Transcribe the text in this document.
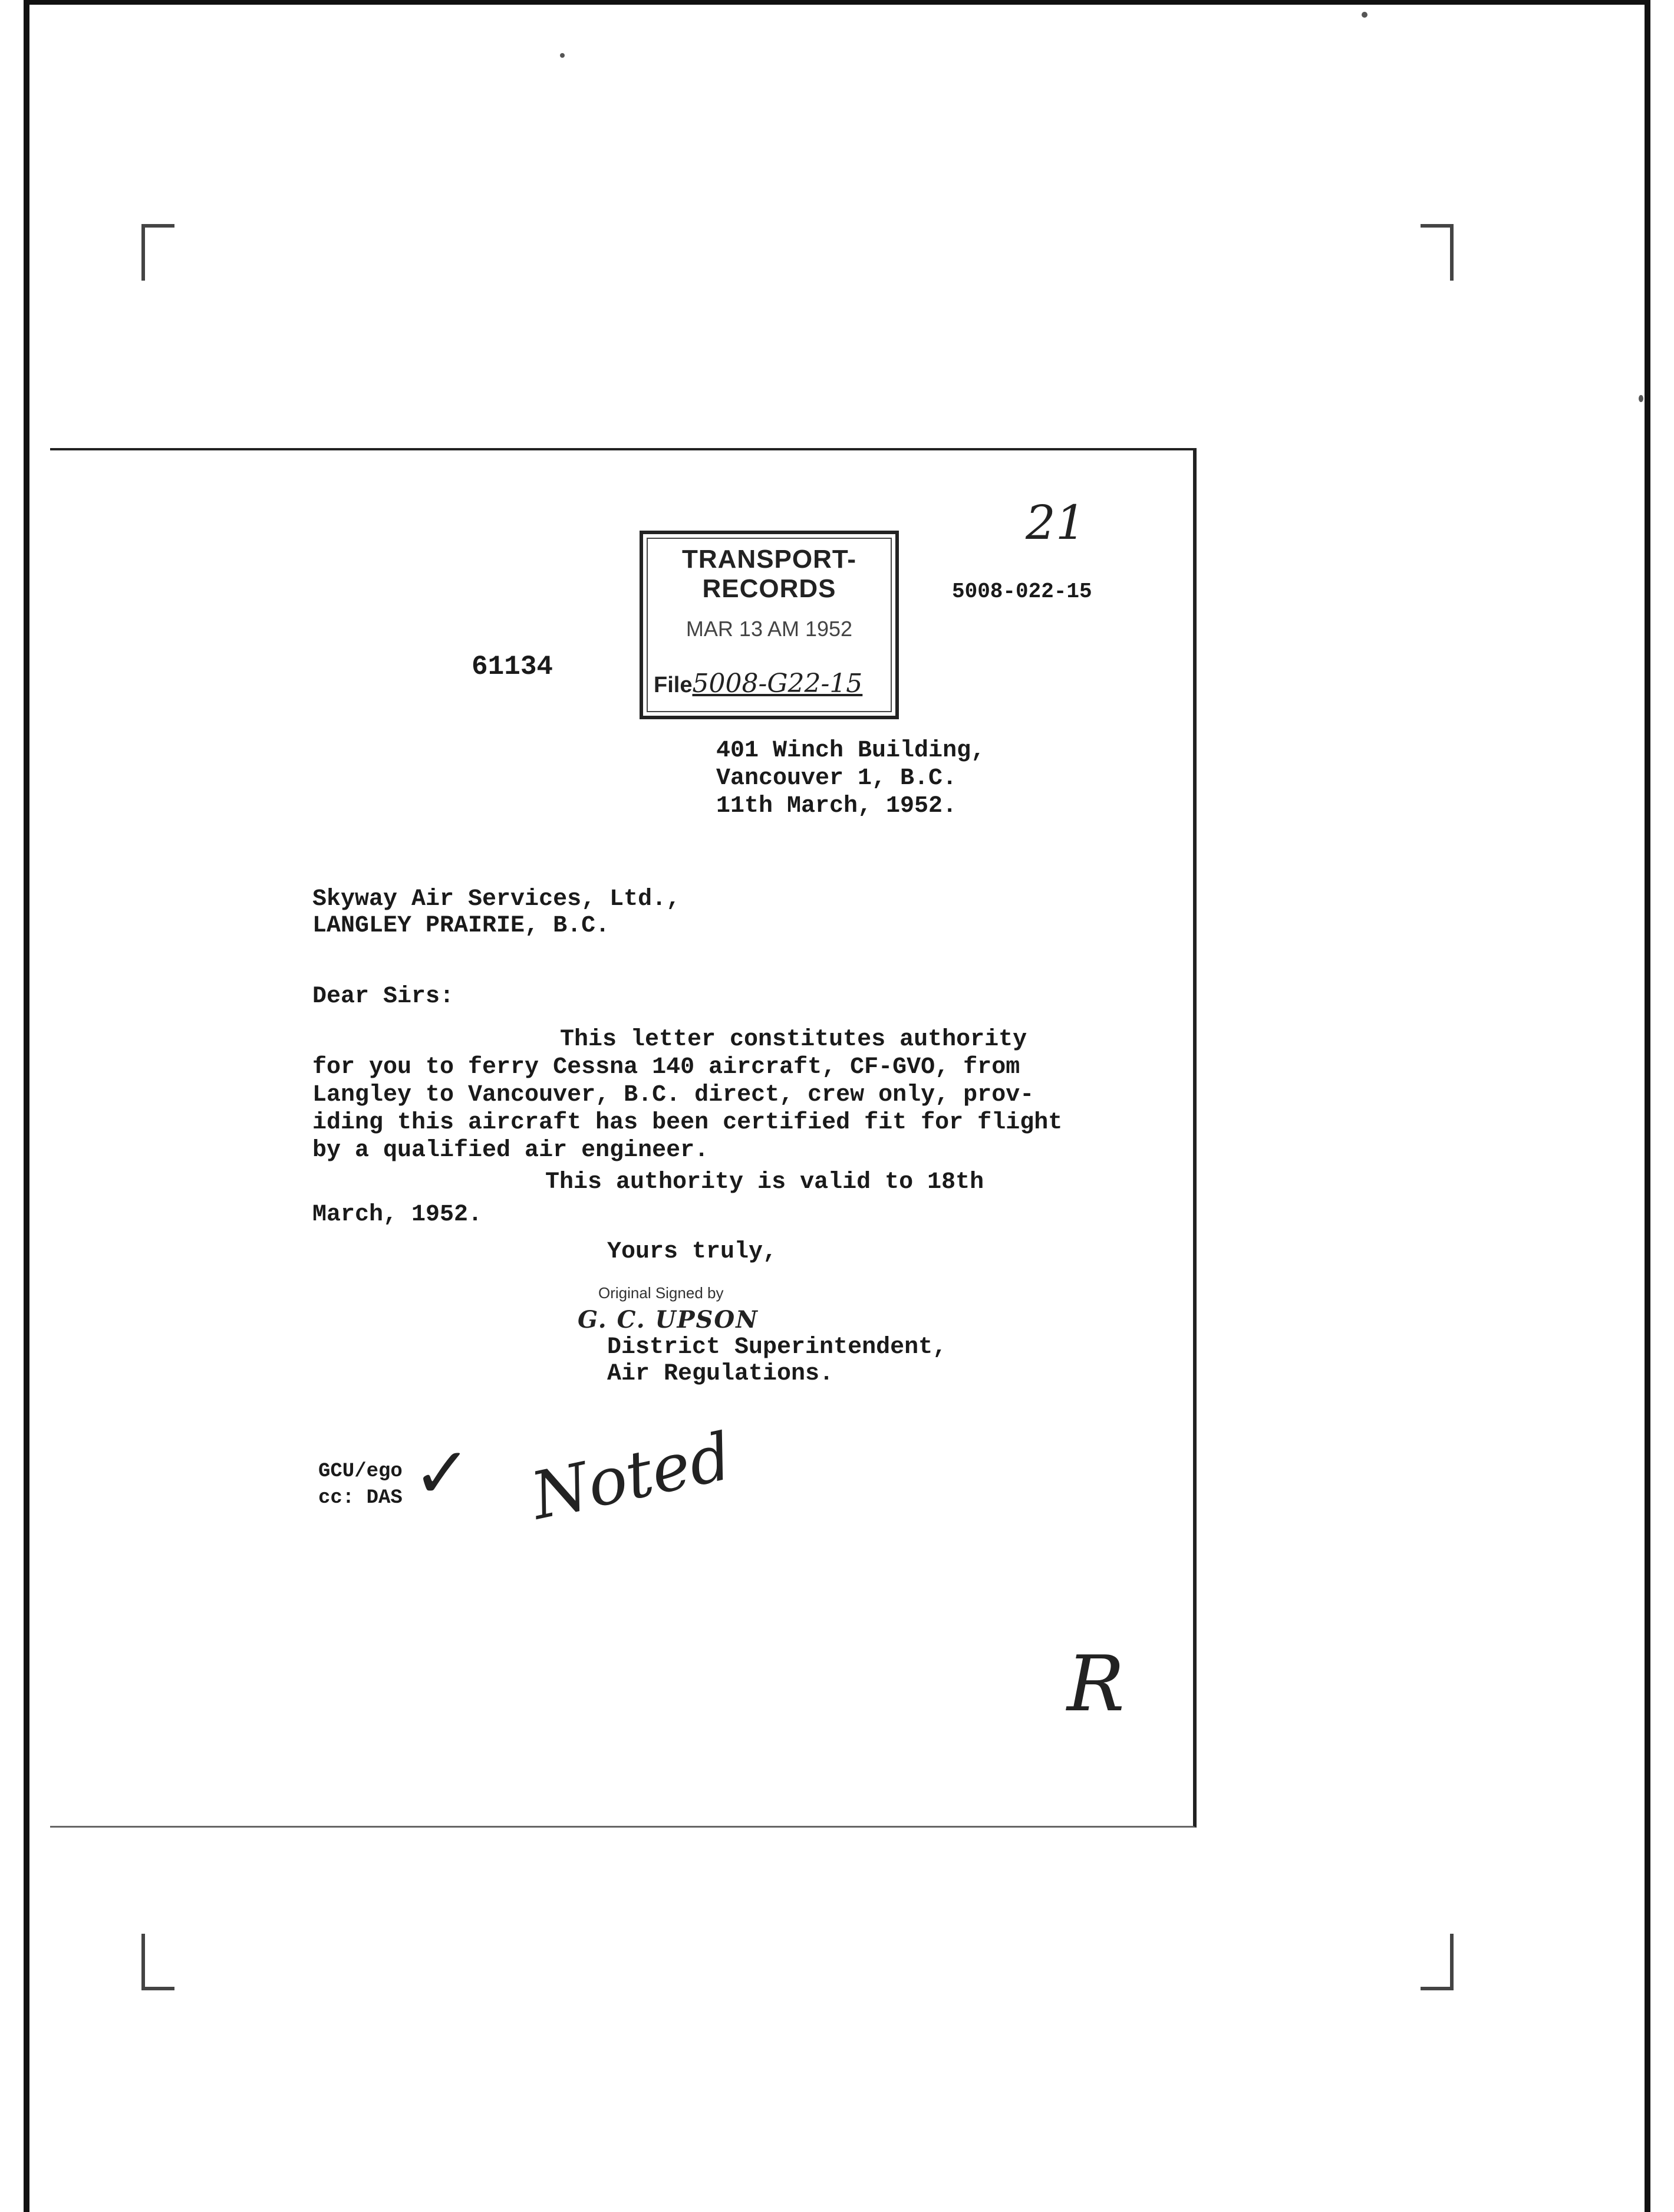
21
5008-022-15
61134
TRANSPORT-RECORDS
MAR 13 AM 1952
File5008-G22-15
401 Winch Building,
Vancouver 1, B.C.
11th March, 1952.
Skyway Air Services, Ltd.,
LANGLEY PRAIRIE, B.C.
Dear Sirs:
This letter constitutes authority
for you to ferry Cessna 140 aircraft, CF-GVO, from
Langley to Vancouver, B.C. direct, crew only, prov-
iding this aircraft has been certified fit for flight
by a qualified air engineer.
This authority is valid to 18th
March, 1952.
Yours truly,
Original Signed by
G. C. UPSON
District Superintendent,
Air Regulations.
GCU/ego
cc: DAS ✓ Noted
R
